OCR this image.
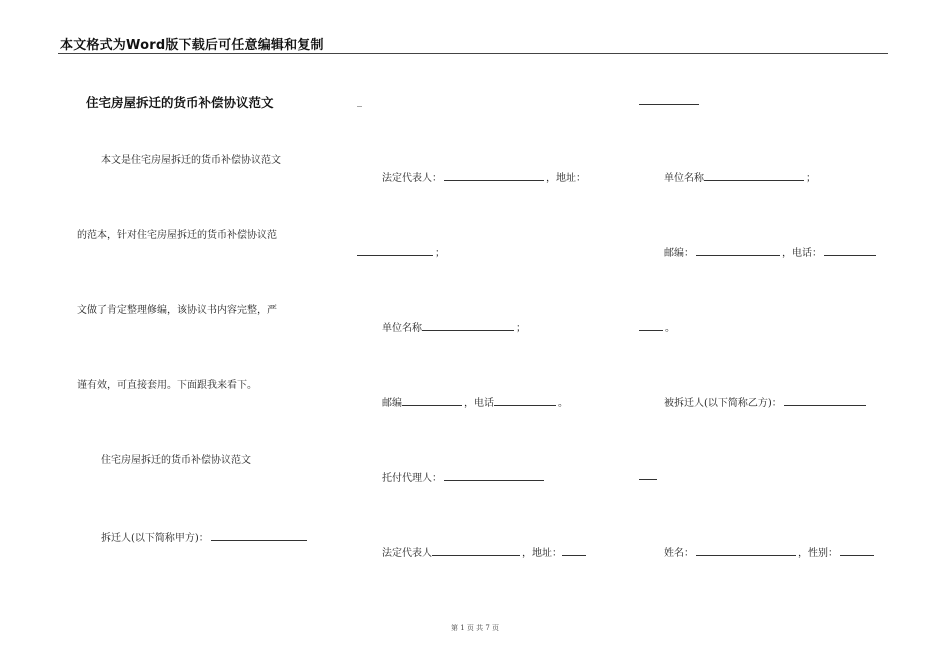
本文格式为Word版下载后可任意编辑和复制
住宅房屋拆迁的货币补偿协议范文
本文是住宅房屋拆迁的货币补偿协议范文
的范本，针对住宅房屋拆迁的货币补偿协议范
文做了肯定整理修编，该协议书内容完整，严
谨有效，可直接套用。下面跟我来看下。
住宅房屋拆迁的货币补偿协议范文
拆迁人(以下简称甲方)：
_
法定代表人：	，地址：
；
单位名称	；
邮编	，电话	。
托付代理人：
法定代表人	，地址：
单位名称	；
邮编：	，电话：
。
被拆迁人(以下简称乙方)：
姓名：	，性别：
第 1 页 共 7 页
